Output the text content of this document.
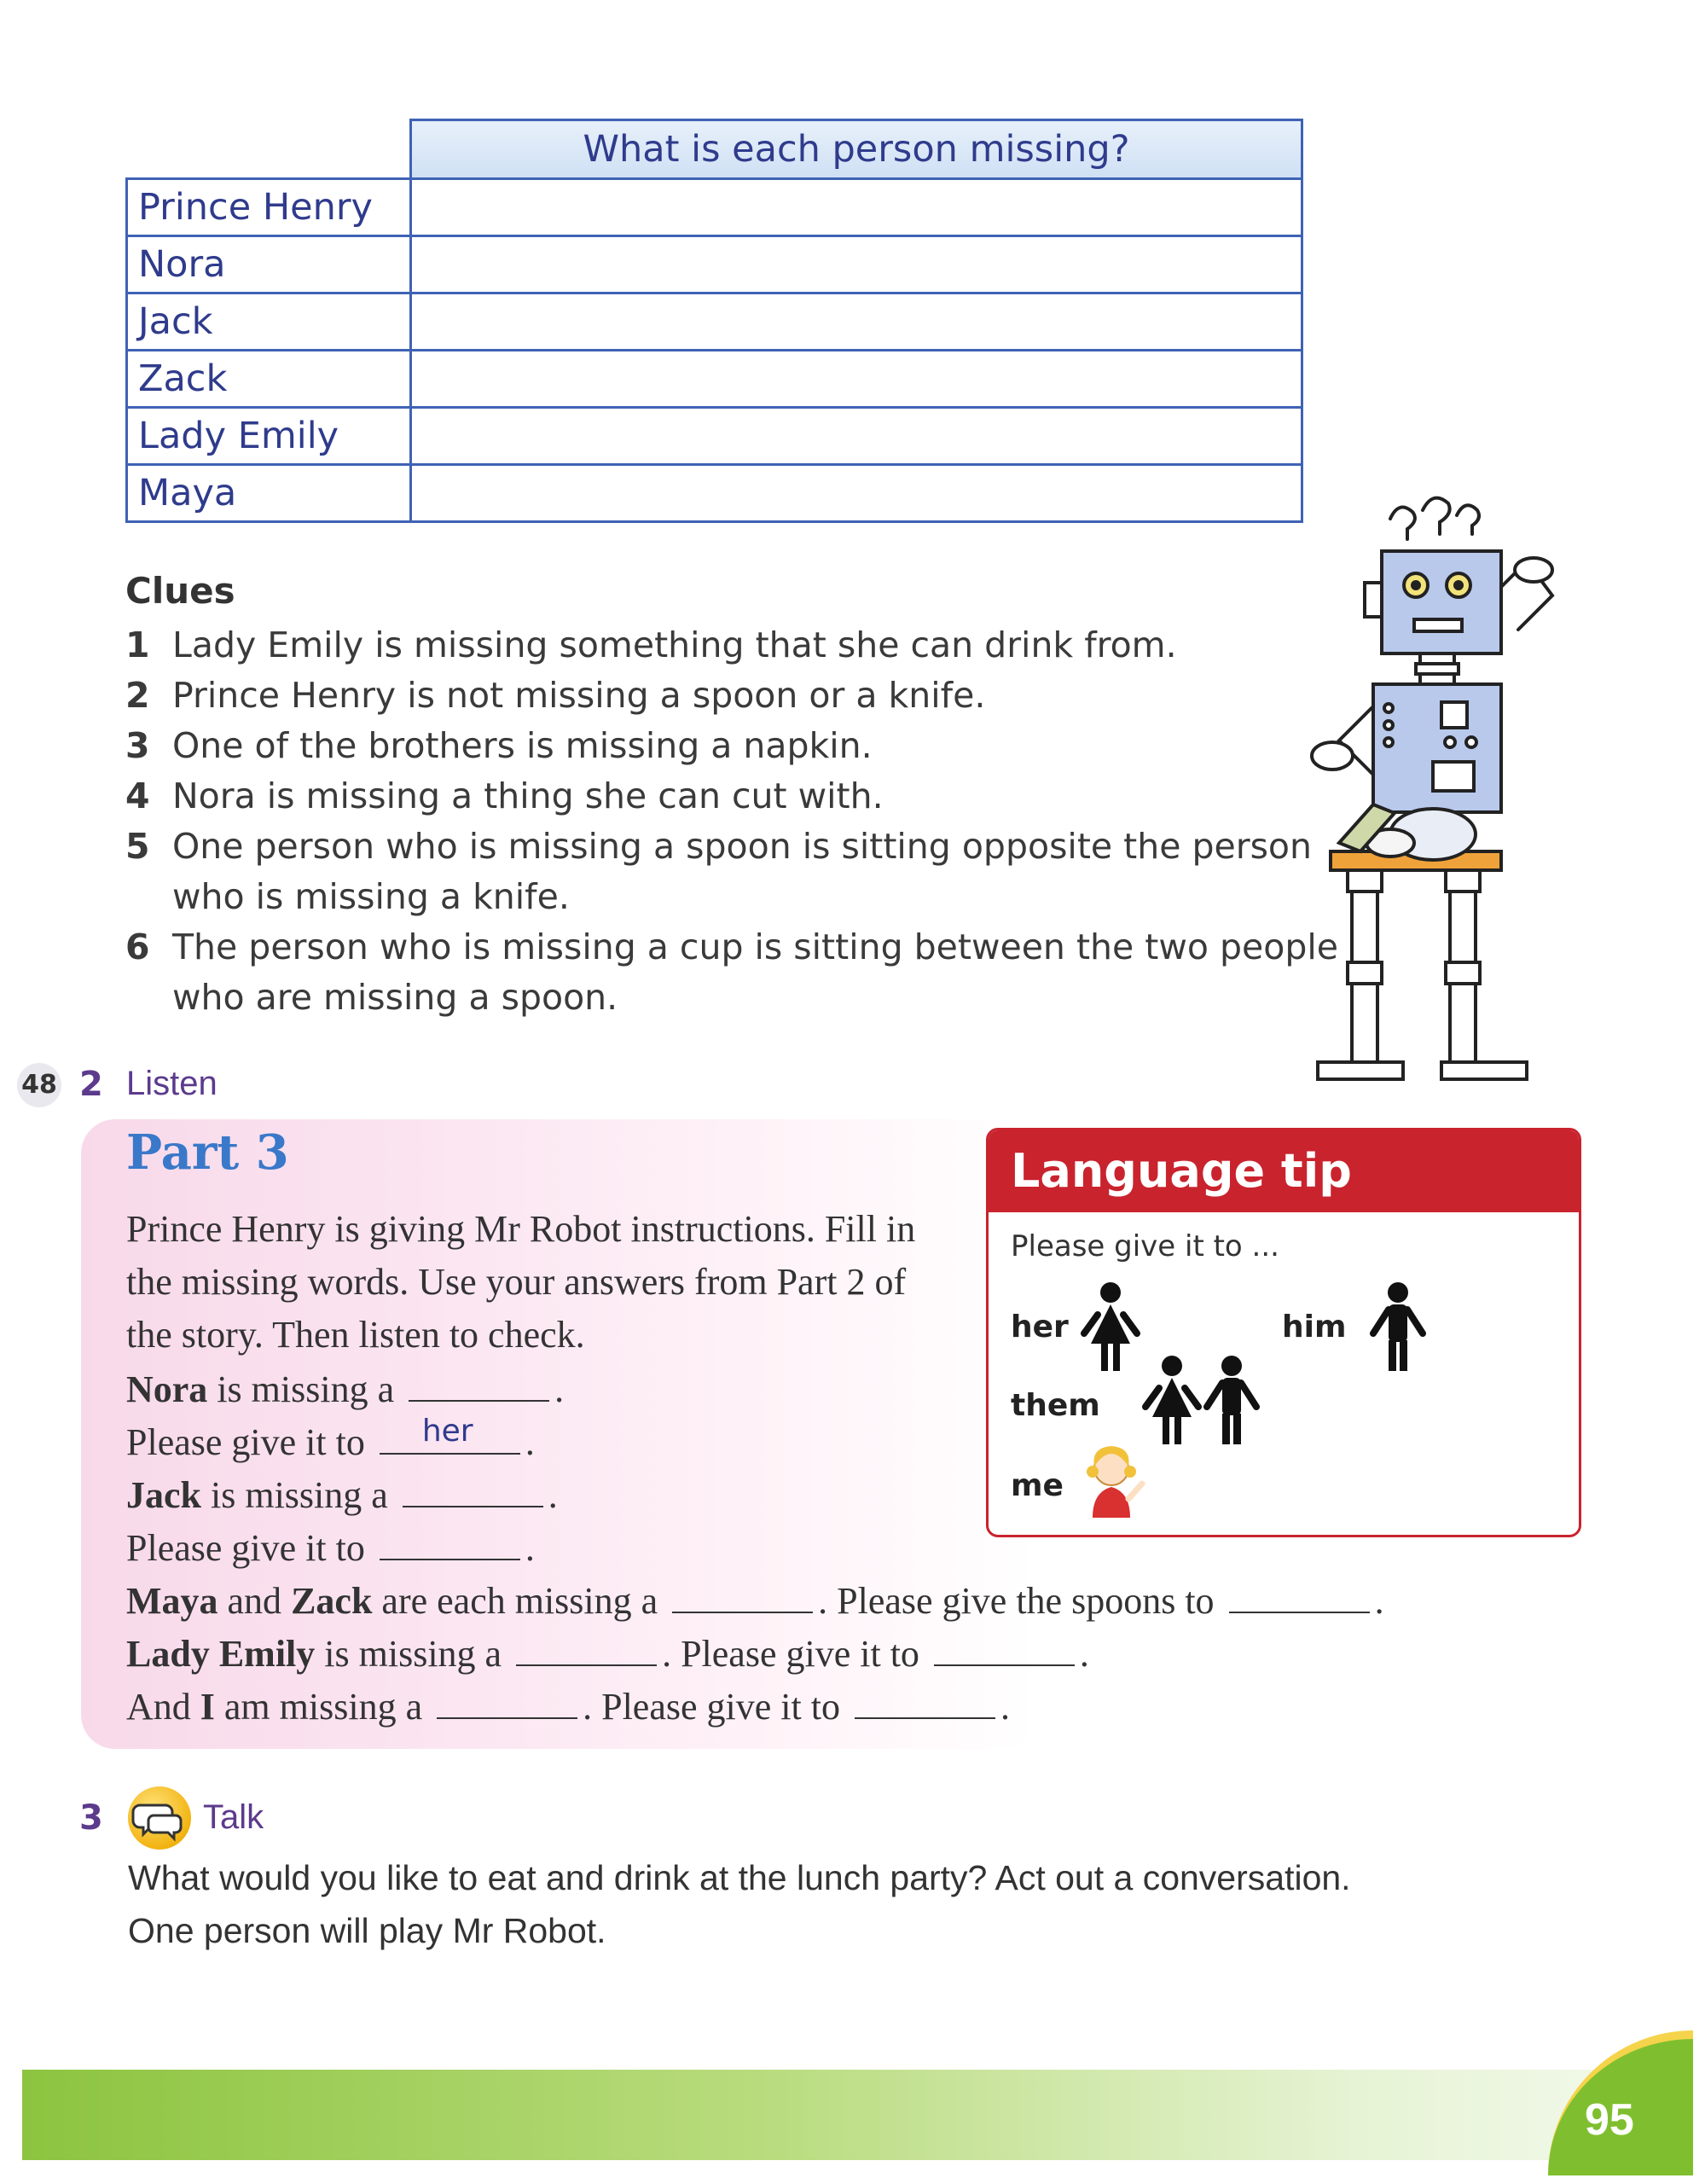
	What is each person missing?
Prince Henry	
Nora	
Jack	
Zack	
Lady Emily	
Maya	
Clues
1 Lady Emily is missing something that she can drink from.
2 Prince Henry is not missing a spoon or a knife.
3 One of the brothers is missing a napkin.
4 Nora is missing a thing she can cut with.
5 One person who is missing a spoon is sitting opposite the person who is missing a knife.
6 The person who is missing a cup is sitting between the two people who are missing a spoon.
48 2 Listen
Part 3
Prince Henry is giving Mr Robot instructions. Fill in the missing words. Use your answers from Part 2 of the story. Then listen to check.
Nora is missing a	.
Please give it to her .
Jack is missing a	.
Please give it to	.
Maya and Zack are each missing a	. Please give the spoons to	.
Lady Emily is missing a	. Please give it to	.
And I am missing a	. Please give it to	.
Language tip
Please give it to ...
her	him
them
me
3	Talk
What would you like to eat and drink at the lunch party? Act out a conversation.
One person will play Mr Robot.
95
